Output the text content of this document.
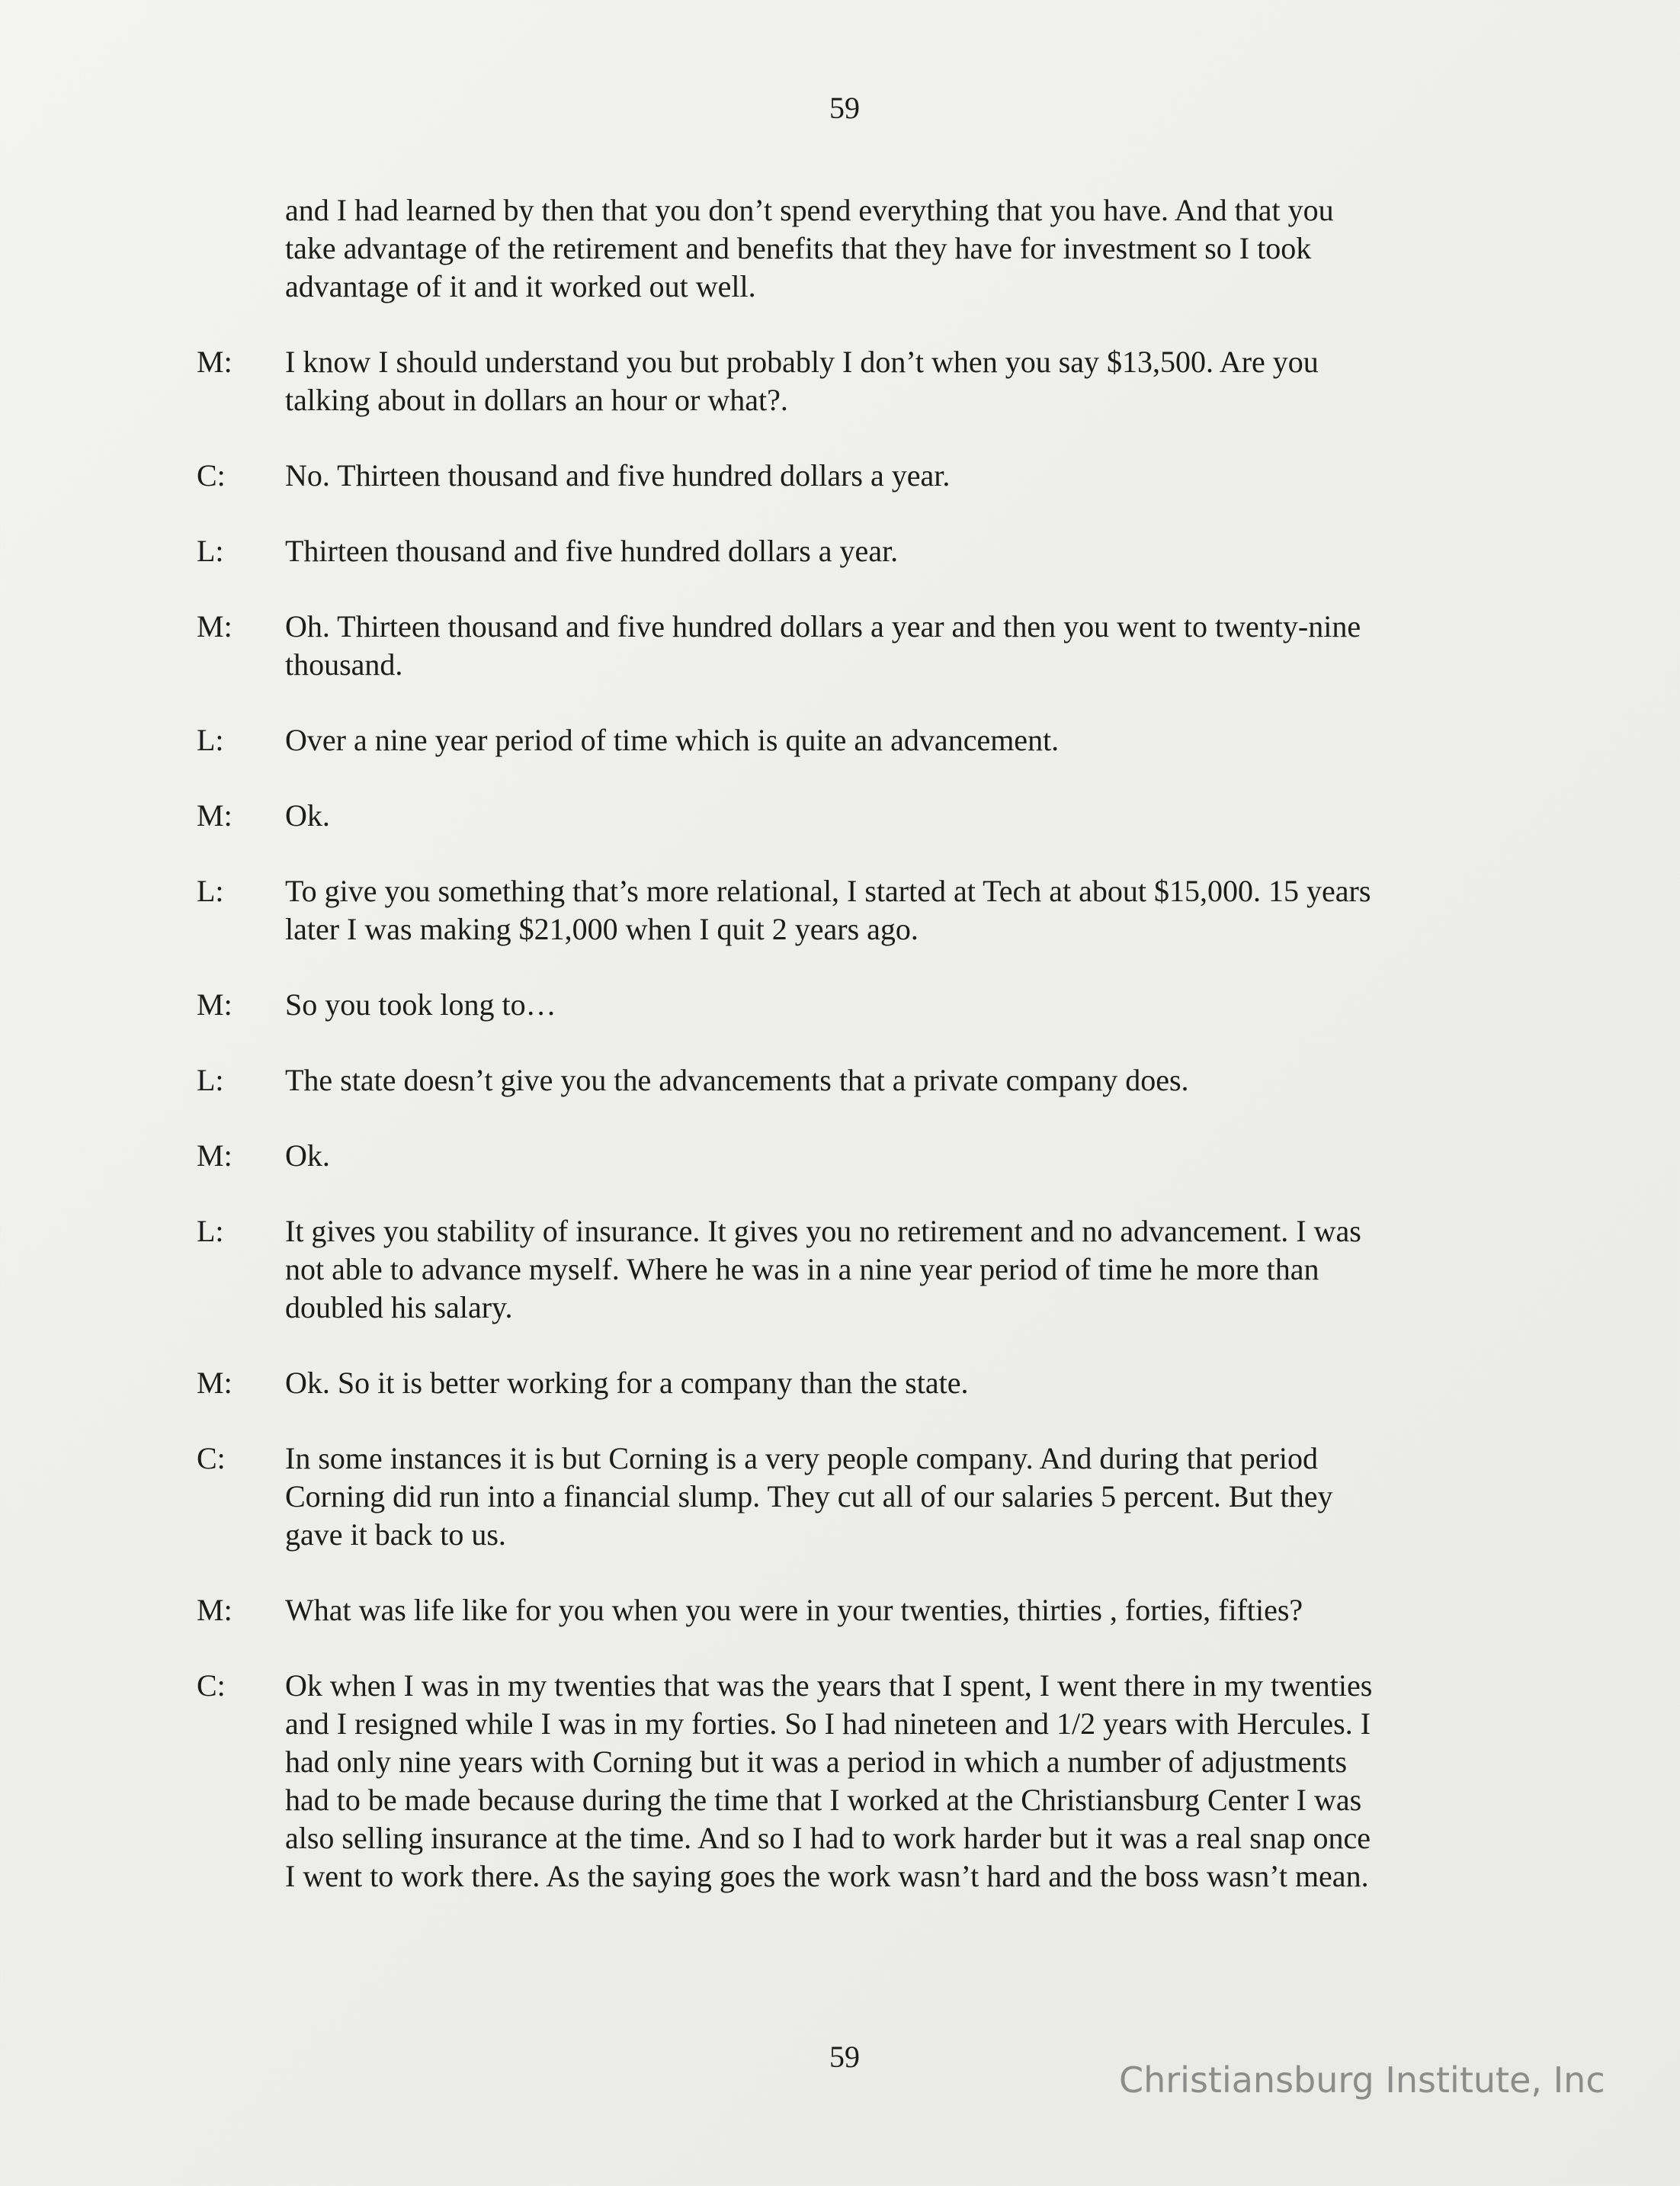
59
and I had learned by then that you don’t spend everything that you have. And that you
take advantage of the retirement and benefits that they have for investment so I took
advantage of it and it worked out well.
M:	I know I should understand you but probably I don’t when you say $13,500. Are you
talking about in dollars an hour or what?.
C:	No. Thirteen thousand and five hundred dollars a year.
L:	Thirteen thousand and five hundred dollars a year.
M:	Oh. Thirteen thousand and five hundred dollars a year and then you went to twenty-nine
thousand.
L:	Over a nine year period of time which is quite an advancement.
M:	Ok.
L:	To give you something that’s more relational, I started at Tech at about $15,000. 15 years
later I was making $21,000 when I quit 2 years ago.
M:	So you took long to…
L:	The state doesn’t give you the advancements that a private company does.
M:	Ok.
L:	It gives you stability of insurance. It gives you no retirement and no advancement. I was
not able to advance myself. Where he was in a nine year period of time he more than
doubled his salary.
M:	Ok. So it is better working for a company than the state.
C:	In some instances it is but Corning is a very people company. And during that period
Corning did run into a financial slump. They cut all of our salaries 5 percent. But they
gave it back to us.
M:	What was life like for you when you were in your twenties, thirties , forties, fifties?
C:	Ok when I was in my twenties that was the years that I spent, I went there in my twenties
and I resigned while I was in my forties. So I had nineteen and 1/2 years with Hercules. I
had only nine years with Corning but it was a period in which a number of adjustments
had to be made because during the time that I worked at the Christiansburg Center I was
also selling insurance at the time. And so I had to work harder but it was a real snap once
I went to work there. As the saying goes the work wasn’t hard and the boss wasn’t mean.
59
Christiansburg Institute, Inc
